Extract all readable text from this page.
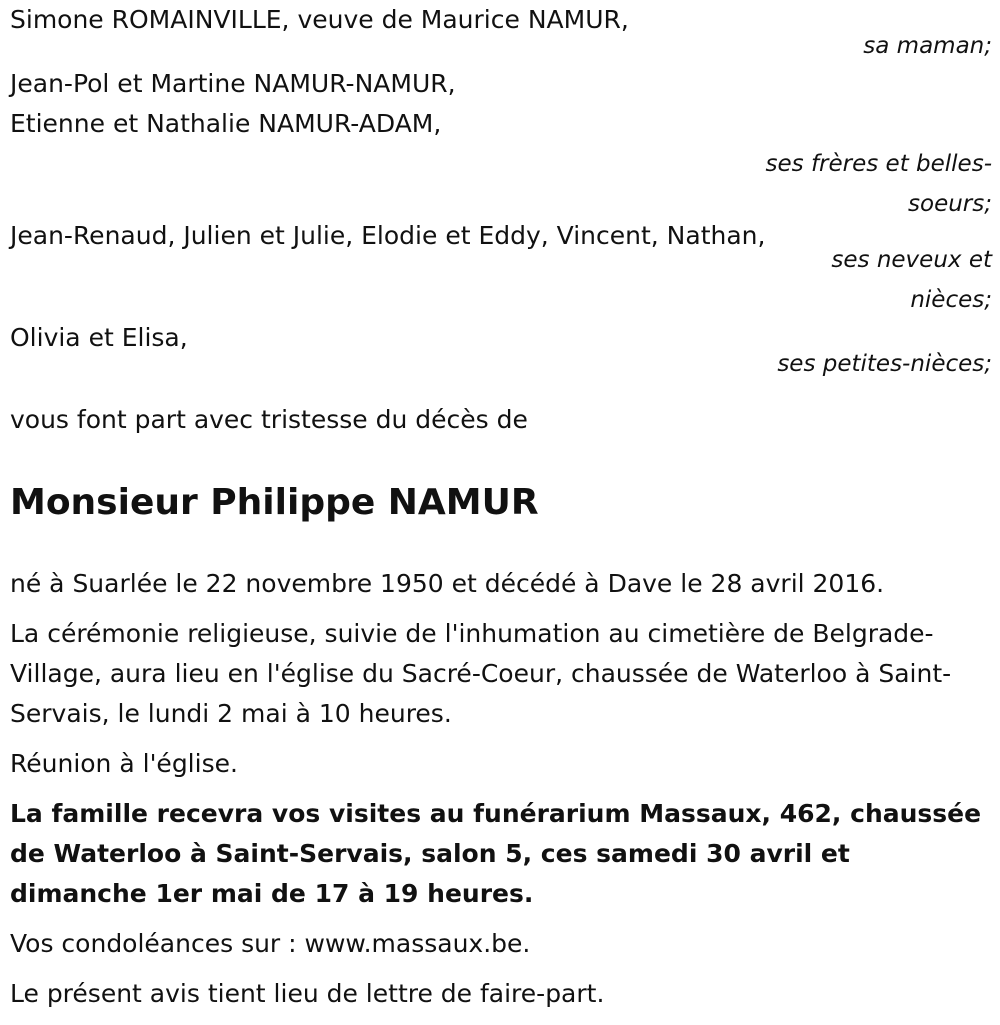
Simone ROMAINVILLE, veuve de Maurice NAMUR,
sa maman;
Jean-Pol et Martine NAMUR-NAMUR,
Etienne et Nathalie NAMUR-ADAM,
ses frères et belles-
soeurs;
Jean-Renaud, Julien et Julie, Elodie et Eddy, Vincent, Nathan,
ses neveux et
nièces;
Olivia et Elisa,
ses petites-nièces;
vous font part avec tristesse du décès de
Monsieur Philippe NAMUR
né à Suarlée le 22 novembre 1950 et décédé à Dave le 28 avril 2016.
La cérémonie religieuse, suivie de l'inhumation au cimetière de Belgrade-Village, aura lieu en l'église du Sacré-Coeur, chaussée de Waterloo à Saint-Servais, le lundi 2 mai à 10 heures.
Réunion à l'église.
La famille recevra vos visites au funérarium Massaux, 462, chaussée de Waterloo à Saint-Servais, salon 5, ces samedi 30 avril et dimanche 1er mai de 17 à 19 heures.
Vos condoléances sur : www.massaux.be.
Le présent avis tient lieu de lettre de faire-part.
